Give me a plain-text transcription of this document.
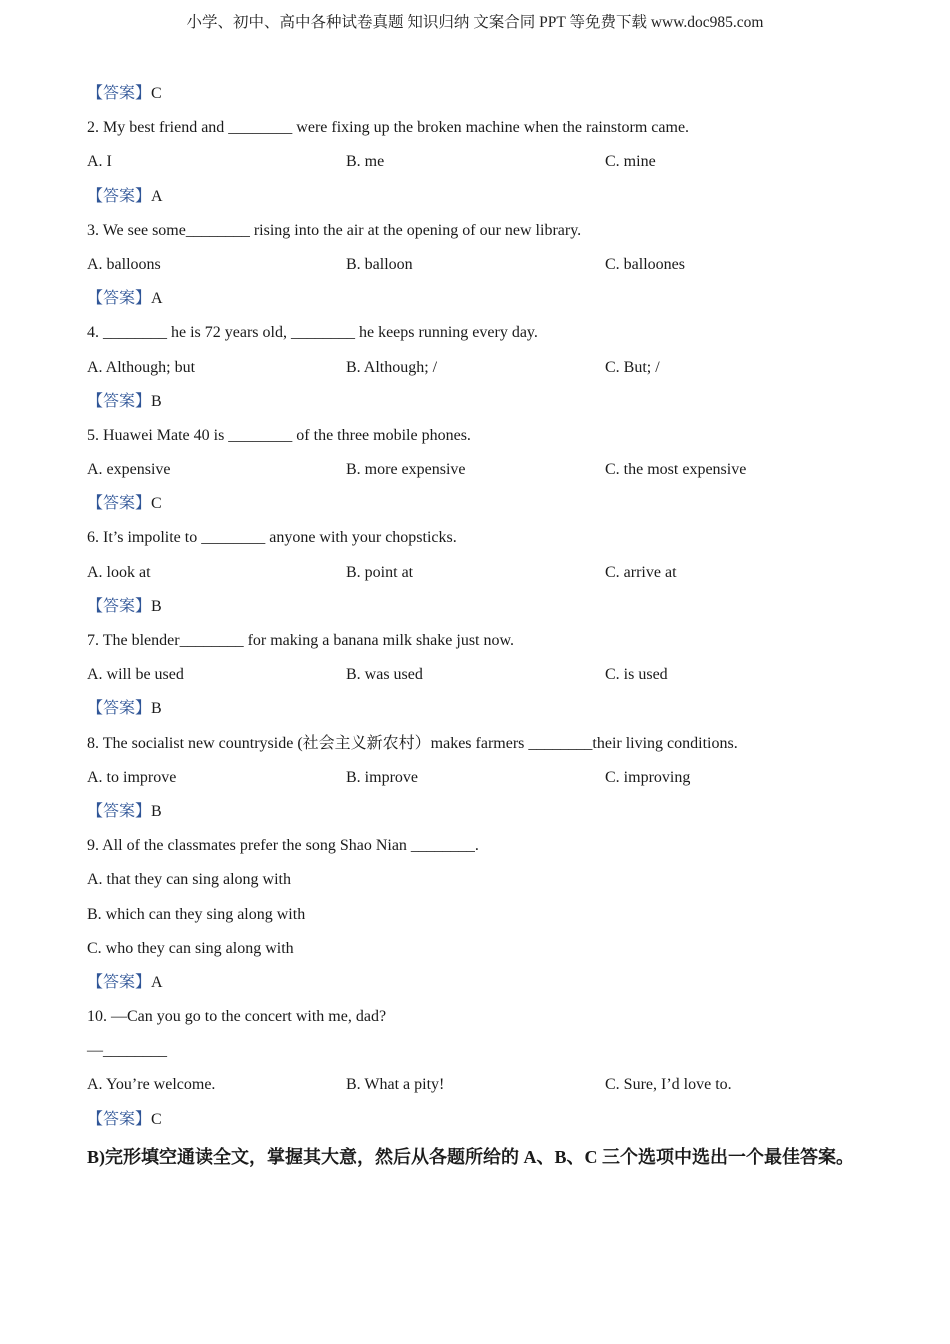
小学、初中、高中各种试卷真题 知识归纳 文案合同 PPT 等免费下载 www.doc985.com
【答案】C
2. My best friend and ________ were fixing up the broken machine when the rainstorm came.
A. I	B. me	C. mine
【答案】A
3. We see some________ rising into the air at the opening of our new library.
A. balloons	B. balloon	C. balloones
【答案】A
4. ________ he is 72 years old, ________ he keeps running every day.
A. Although; but	B. Although; /	C. But; /
【答案】B
5. Huawei Mate 40 is ________ of the three mobile phones.
A. expensive	B. more expensive	C. the most expensive
【答案】C
6. It’s impolite to ________ anyone with your chopsticks.
A. look at	B. point at	C. arrive at
【答案】B
7. The blender________ for making a banana milk shake just now.
A. will be used	B. was used	C. is used
【答案】B
8. The socialist new countryside (社会主义新农村）makes farmers ________their living conditions.
A. to improve	B. improve	C. improving
【答案】B
9. All of the classmates prefer the song Shao Nian ________.
A. that they can sing along with
B. which can they sing along with
C. who they can sing along with
【答案】A
10. —Can you go to the concert with me, dad?
—________
A. You’re welcome.	B. What a pity!	C. Sure, I’d love to.
【答案】C
B)完形填空通读全文，掌握其大意，然后从各题所给的 A、B、C 三个选项中选出一个最佳答案。
